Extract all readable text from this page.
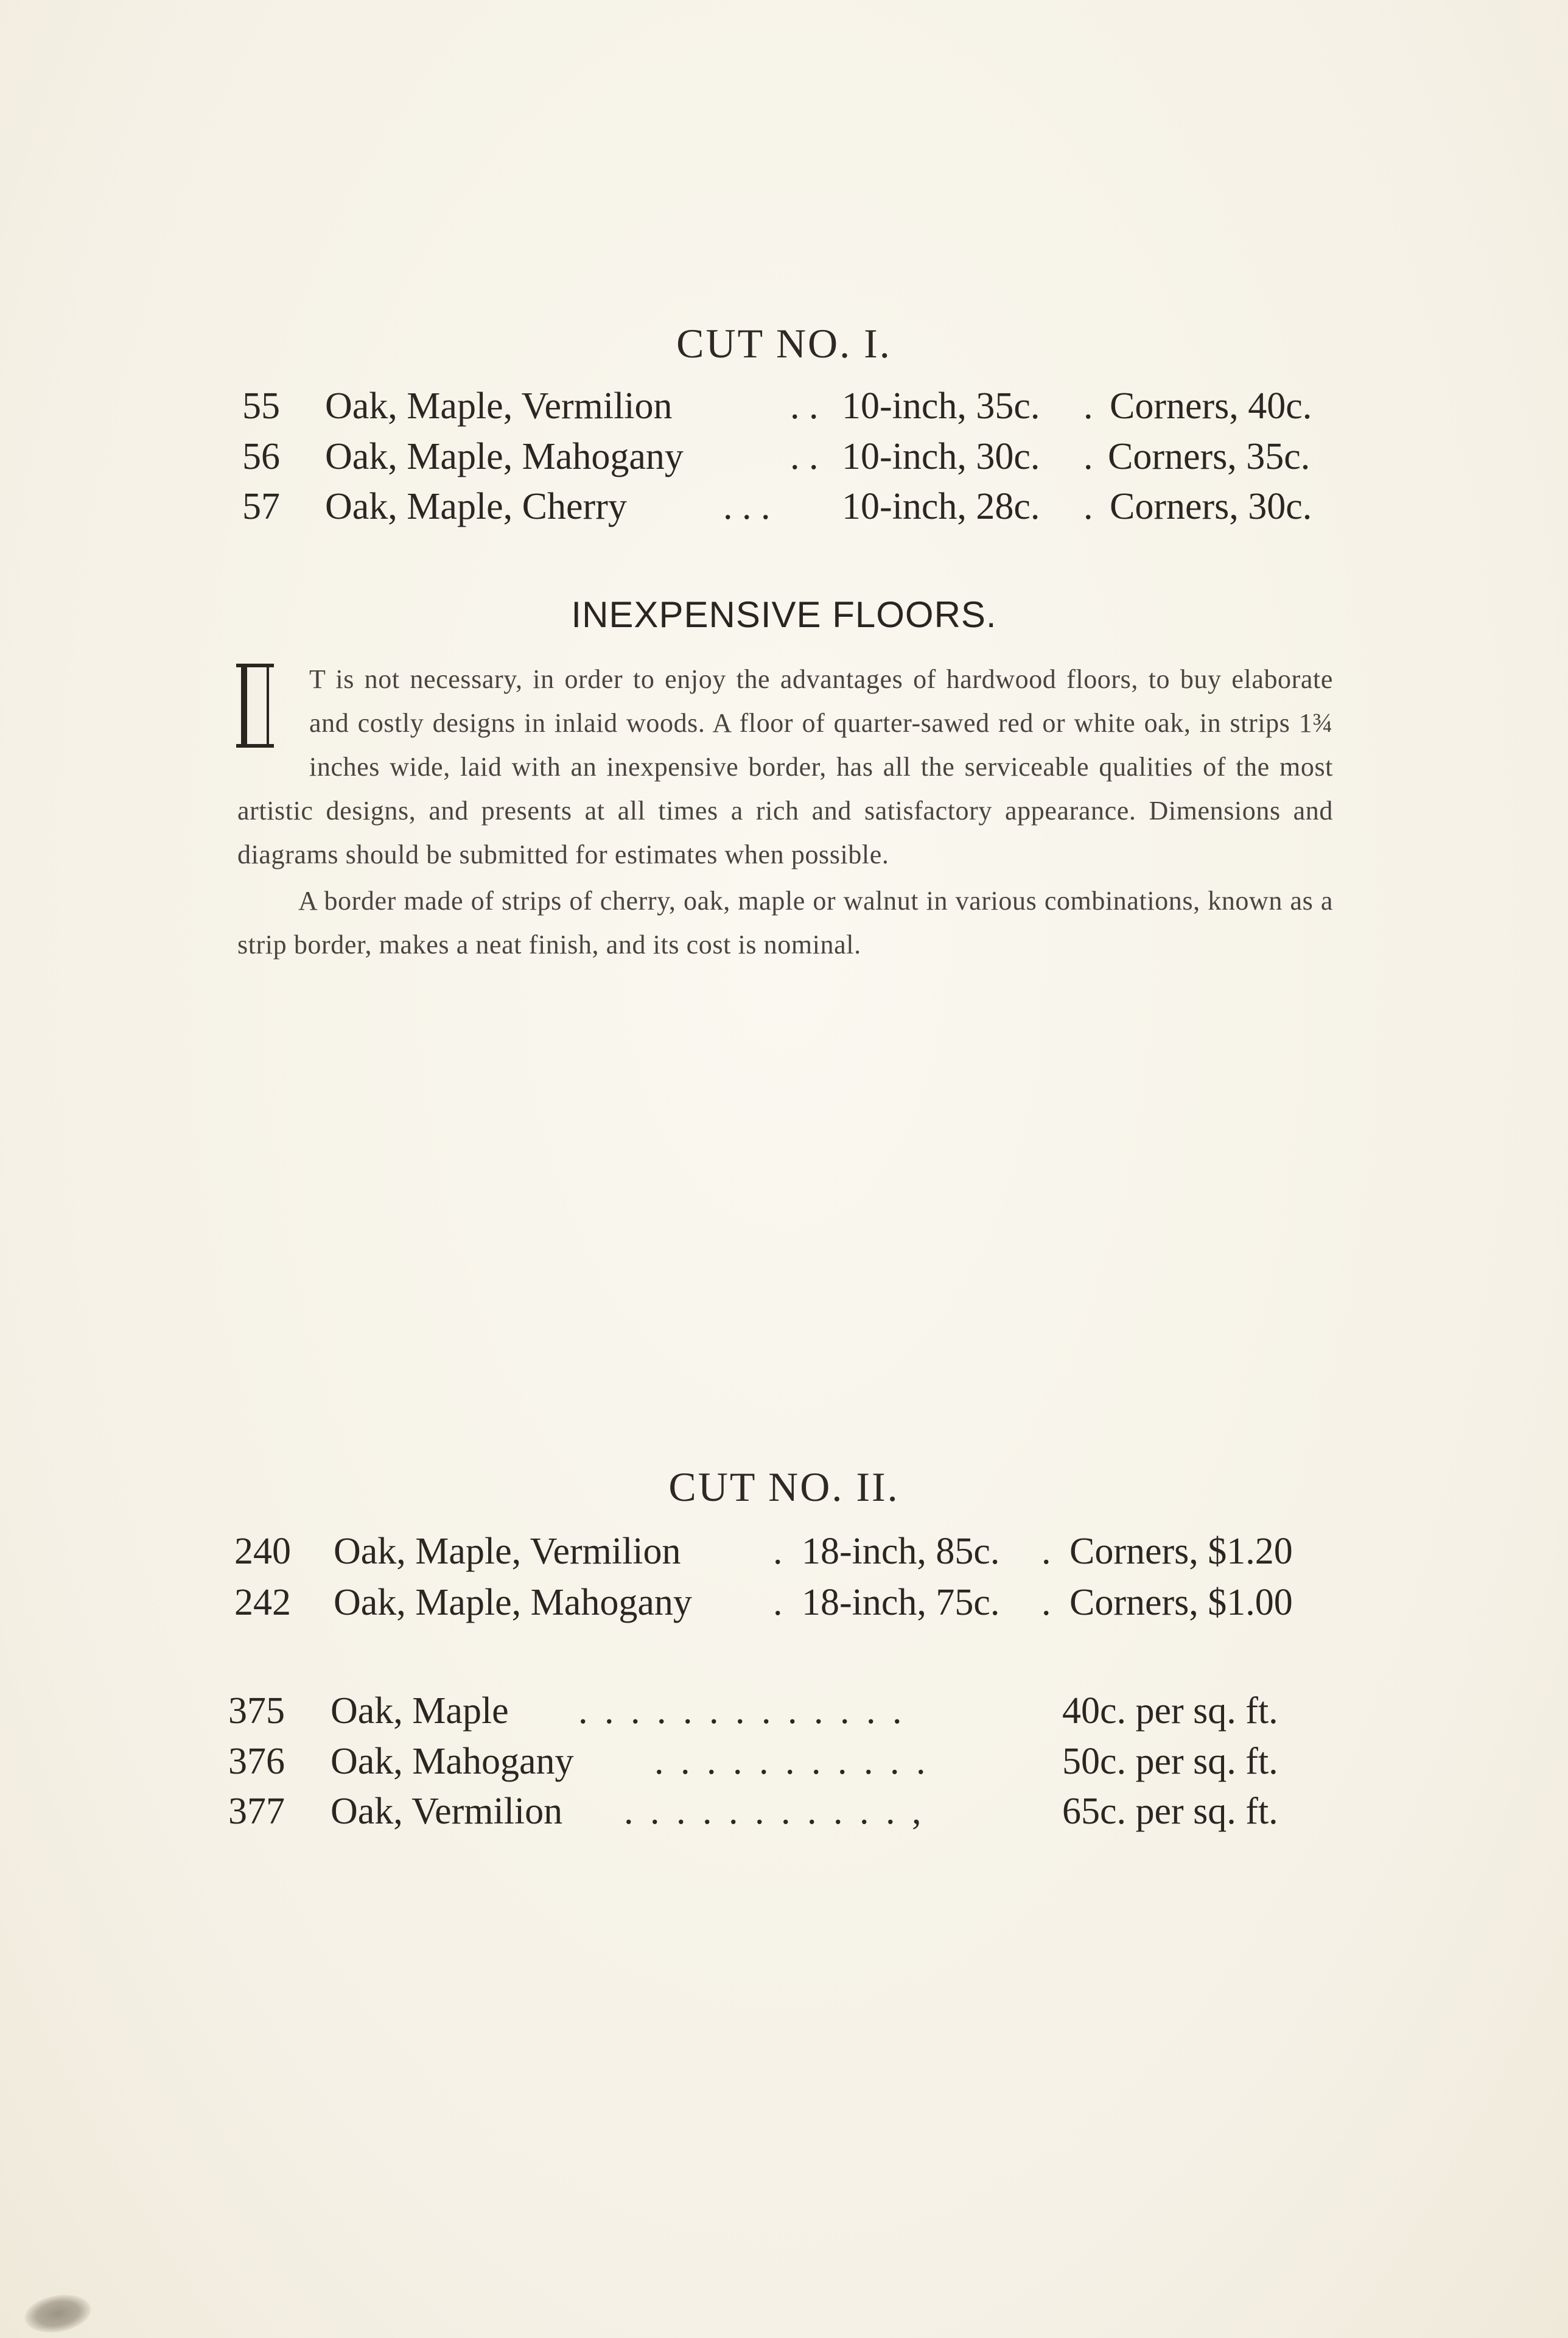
CUT NO. I.
55 Oak, Maple, Vermilion	. . 10-inch, 35c. . Corners, 40c.
56 Oak, Maple, Mahogany	. . 10-inch, 30c. . Corners, 35c.
57 Oak, Maple, Cherry	. . . 10-inch, 28c. . Corners, 30c.
INEXPENSIVE FLOORS.

T is not necessary, in order to enjoy the advantages of hardwood floors, to buy elaborate and costly designs in inlaid woods. A floor of quarter-sawed red or white oak, in strips 1¾ inches wide, laid with an inexpensive border, has all the serviceable qualities of the most artistic designs, and presents at all times a rich and satisfactory appearance. Dimensions and diagrams should be submitted for estimates when possible.

A border made of strips of cherry, oak, maple or walnut in various combinations, known as a strip border, makes a neat finish, and its cost is nominal.

CUT NO. II.
240 Oak, Maple, Vermilion . 18-inch, 85c. . Corners, $1.20
242 Oak, Maple, Mahogany . 18-inch, 75c. . Corners, $1.00
375 Oak, Maple . . . . . . . . . . . . .	40c. per sq. ft.
376 Oak, Mahogany . . . . . . . . . . .	50c. per sq. ft.
377 Oak, Vermilion . . . . . . . . . . . ,	65c. per sq. ft.
